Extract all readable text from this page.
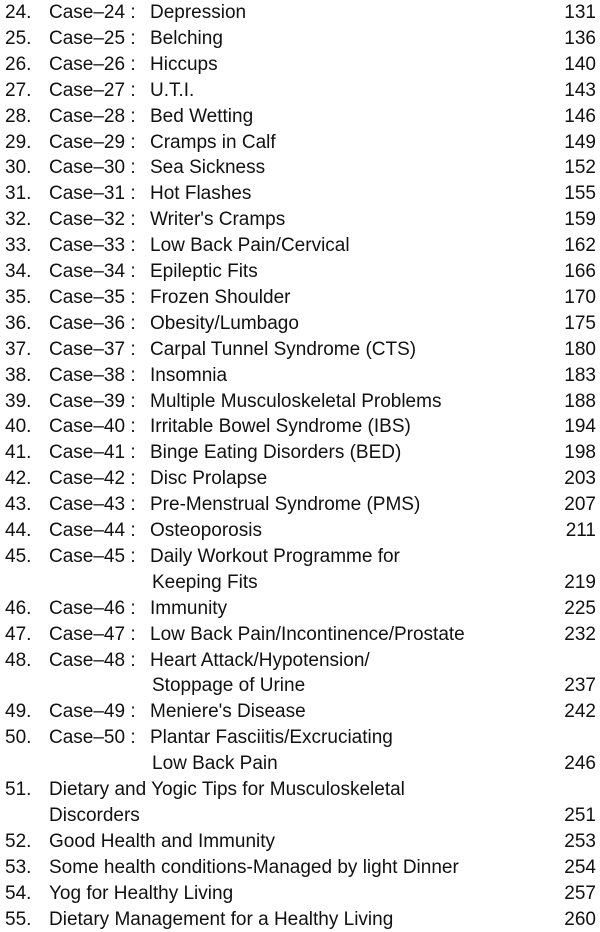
24. Case–24 : Depression	131
25. Case–25 : Belching	136
26. Case–26 : Hiccups	140
27. Case–27 : U.T.I.	143
28. Case–28 : Bed Wetting	146
29. Case–29 : Cramps in Calf	149
30. Case–30 : Sea Sickness	152
31. Case–31 : Hot Flashes	155
32. Case–32 : Writer's Cramps	159
33. Case–33 : Low Back Pain/Cervical	162
34. Case–34 : Epileptic Fits	166
35. Case–35 : Frozen Shoulder	170
36. Case–36 : Obesity/Lumbago	175
37. Case–37 : Carpal Tunnel Syndrome (CTS)	180
38. Case–38 : Insomnia	183
39. Case–39 : Multiple Musculoskeletal Problems	188
40. Case–40 : Irritable Bowel Syndrome (IBS)	194
41. Case–41 : Binge Eating Disorders (BED)	198
42. Case–42 : Disc Prolapse	203
43. Case–43 : Pre-Menstrual Syndrome (PMS)	207
44. Case–44 : Osteoporosis	211
45. Case–45 : Daily Workout Programme for
Keeping Fits	219
46. Case–46 : Immunity	225
47. Case–47 : Low Back Pain/Incontinence/Prostate	232
48. Case–48 : Heart Attack/Hypotension/
Stoppage of Urine	237
49. Case–49 : Meniere's Disease	242
50. Case–50 : Plantar Fasciitis/Excruciating
Low Back Pain	246
51. Dietary and Yogic Tips for Musculoskeletal
Discorders	251
52. Good Health and Immunity	253
53. Some health conditions-Managed by light Dinner	254
54. Yog for Healthy Living	257
55. Dietary Management for a Healthy Living	260
